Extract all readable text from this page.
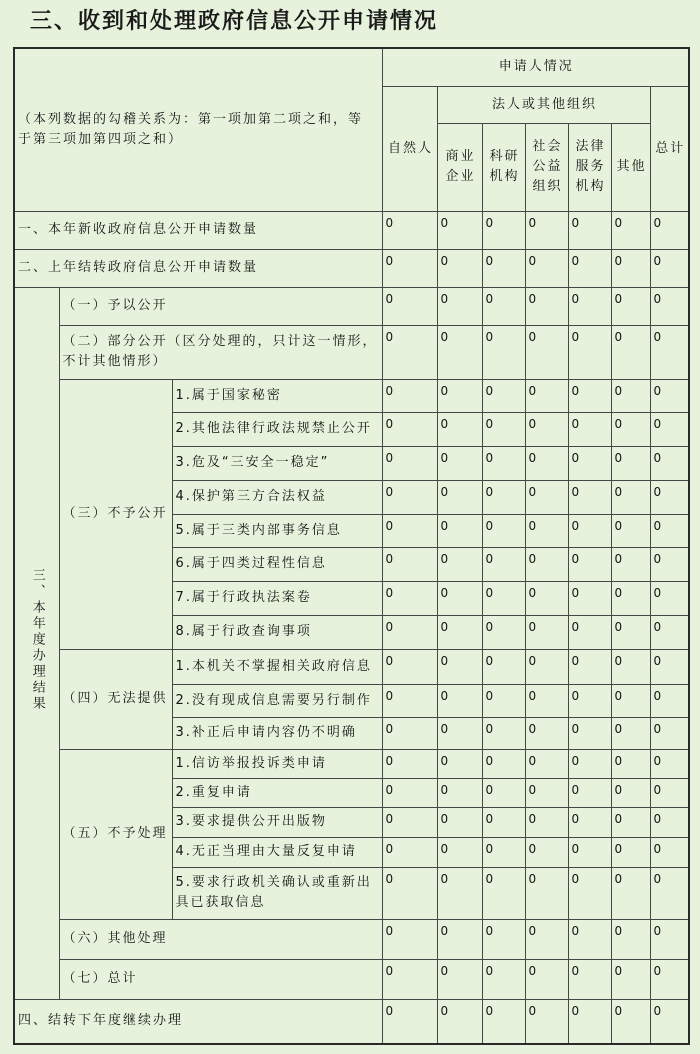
三、收到和处理政府信息公开申请情况
（本列数据的勾稽关系为：第一项加第二项之和，等于第三项加第四项之和）			申请人情况						
			自然人	法人或其他组织					总计
				商业企业	科研机构	社会公益组织	法律服务机构	其他	
一、本年新收政府信息公开申请数量			0	0	0	0	0	0	0
二、上年结转政府信息公开申请数量			0	0	0	0	0	0	0
三、本年度办理结果	（一）予以公开		0	0	0	0	0	0	0
	（二）部分公开（区分处理的，只计这一情形，不计其他情形）		0	0	0	0	0	0	0
	（三）不予公开	1.属于国家秘密	0	0	0	0	0	0	0
		2.其他法律行政法规禁止公开	0	0	0	0	0	0	0
		3.危及“三安全一稳定”	0	0	0	0	0	0	0
		4.保护第三方合法权益	0	0	0	0	0	0	0
		5.属于三类内部事务信息	0	0	0	0	0	0	0
		6.属于四类过程性信息	0	0	0	0	0	0	0
		7.属于行政执法案卷	0	0	0	0	0	0	0
		8.属于行政查询事项	0	0	0	0	0	0	0
	（四）无法提供	1.本机关不掌握相关政府信息	0	0	0	0	0	0	0
		2.没有现成信息需要另行制作	0	0	0	0	0	0	0
		3.补正后申请内容仍不明确	0	0	0	0	0	0	0
	（五）不予处理	1.信访举报投诉类申请	0	0	0	0	0	0	0
		2.重复申请	0	0	0	0	0	0	0
		3.要求提供公开出版物	0	0	0	0	0	0	0
		4.无正当理由大量反复申请	0	0	0	0	0	0	0
		5.要求行政机关确认或重新出具已获取信息	0	0	0	0	0	0	0
	（六）其他处理		0	0	0	0	0	0	0
	（七）总计		0	0	0	0	0	0	0
四、结转下年度继续办理			0	0	0	0	0	0	0
